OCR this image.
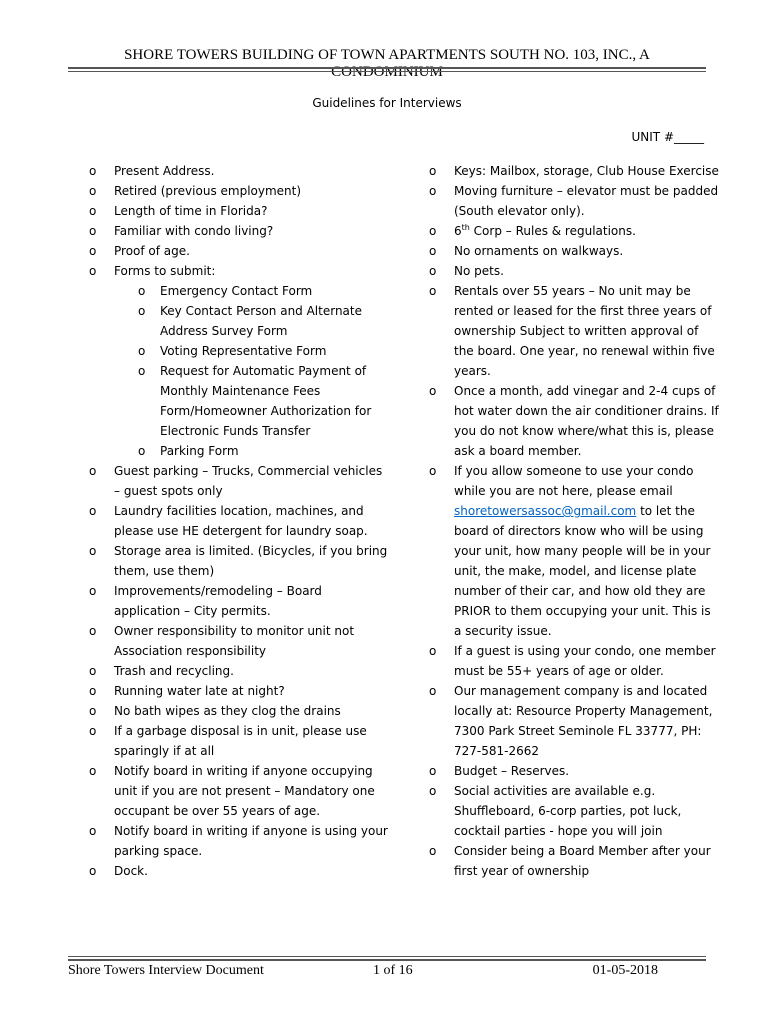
SHORE TOWERS BUILDING OF TOWN APARTMENTS SOUTH NO. 103, INC., A CONDOMINIUM
Guidelines for Interviews
UNIT #_____
o Present Address.
o Retired (previous employment)
o Length of time in Florida?
o Familiar with condo living?
o Proof of age.
o Forms to submit:
o Emergency Contact Form
o Key Contact Person and Alternate Address Survey Form
o Voting Representative Form
o Request for Automatic Payment of Monthly Maintenance Fees Form/Homeowner Authorization for Electronic Funds Transfer
o Parking Form
o Guest parking – Trucks, Commercial vehicles – guest spots only
o Laundry facilities location, machines, and please use HE detergent for laundry soap.
o Storage area is limited. (Bicycles, if you bring them, use them)
o Improvements/remodeling – Board application – City permits.
o Owner responsibility to monitor unit not Association responsibility
o Trash and recycling.
o Running water late at night?
o No bath wipes as they clog the drains
o If a garbage disposal is in unit, please use sparingly if at all
o Notify board in writing if anyone occupying unit if you are not present – Mandatory one occupant be over 55 years of age.
o Notify board in writing if anyone is using your parking space.
o Dock.
o Keys: Mailbox, storage, Club House Exercise
o Moving furniture – elevator must be padded (South elevator only).
o 6th Corp – Rules & regulations.
o No ornaments on walkways.
o No pets.
o Rentals over 55 years – No unit may be rented or leased for the first three years of ownership Subject to written approval of the board. One year, no renewal within five years.
o Once a month, add vinegar and 2-4 cups of hot water down the air conditioner drains. If you do not know where/what this is, please ask a board member.
o If you allow someone to use your condo while you are not here, please email shoretowersassoc@gmail.com to let the board of directors know who will be using your unit, how many people will be in your unit, the make, model, and license plate number of their car, and how old they are PRIOR to them occupying your unit. This is a security issue.
o If a guest is using your condo, one member must be 55+ years of age or older.
o Our management company is and located locally at: Resource Property Management, 7300 Park Street Seminole FL 33777, PH: 727-581-2662
o Budget – Reserves.
o Social activities are available e.g. Shuffleboard, 6-corp parties, pot luck, cocktail parties - hope you will join
o Consider being a Board Member after your first year of ownership
Shore Towers Interview Document	1 of 16	01-05-2018
